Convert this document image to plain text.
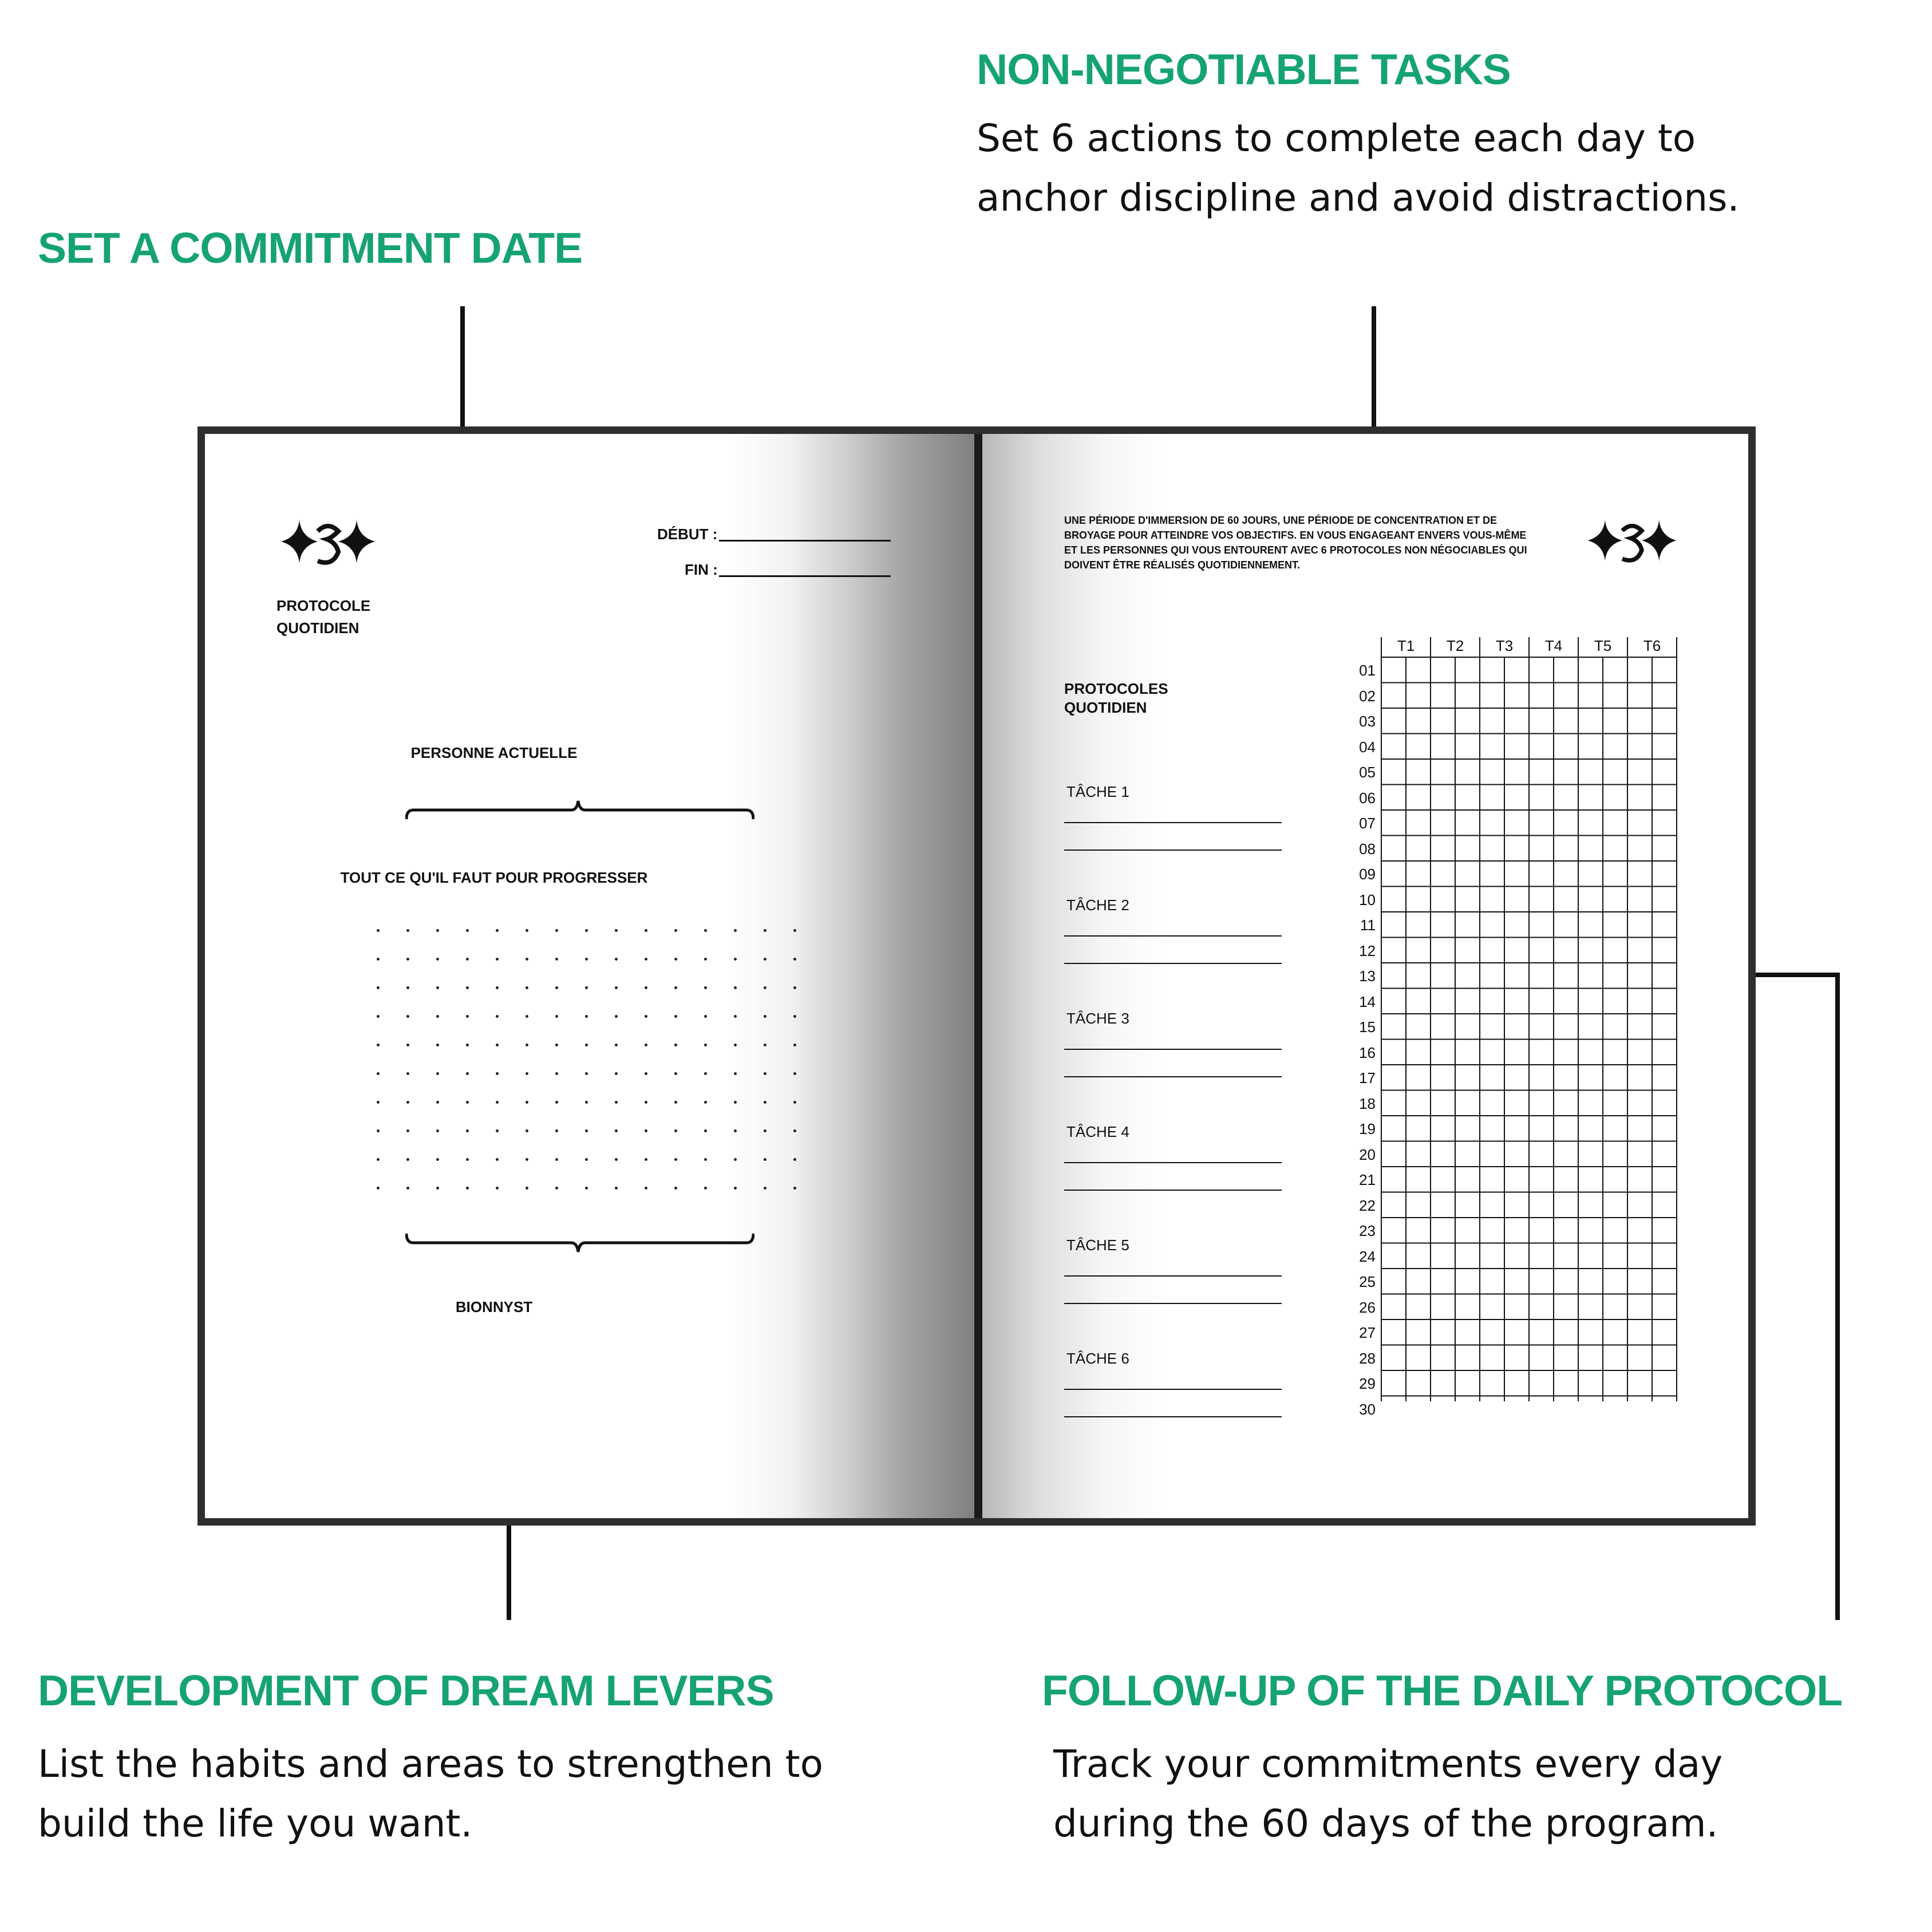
SET A COMMITMENT DATE
NON-NEGOTIABLE TASKS
Set 6 actions to complete each day to
anchor discipline and avoid distractions.
DEVELOPMENT OF DREAM LEVERS
List the habits and areas to strengthen to
build the life you want.
FOLLOW-UP OF THE DAILY PROTOCOL
Track your commitments every day
during the 60 days of the program.
PROTOCOLE
QUOTIDIEN
DÉBUT :
FIN :
PERSONNE ACTUELLE
TOUT CE QU'IL FAUT POUR PROGRESSER
BIONNYST
UNE PÉRIODE D'IMMERSION DE 60 JOURS, UNE PÉRIODE DE CONCENTRATION ET DE
BROYAGE POUR ATTEINDRE VOS OBJECTIFS. EN VOUS ENGAGEANT ENVERS VOUS-MÊME
ET LES PERSONNES QUI VOUS ENTOURENT AVEC 6 PROTOCOLES NON NÉGOCIABLES QUI
DOIVENT ÊTRE RÉALISÉS QUOTIDIENNEMENT.
PROTOCOLES
QUOTIDIEN
TÂCHE 1
TÂCHE 2
TÂCHE 3
TÂCHE 4
TÂCHE 5
TÂCHE 6
T1	T2	T3	T4	T5	T6
01
02
03
04
05
06
07
08
09
10
11
12
13
14
15
16
17
18
19
20
21
22
23
24
25
26
27
28
29
30
